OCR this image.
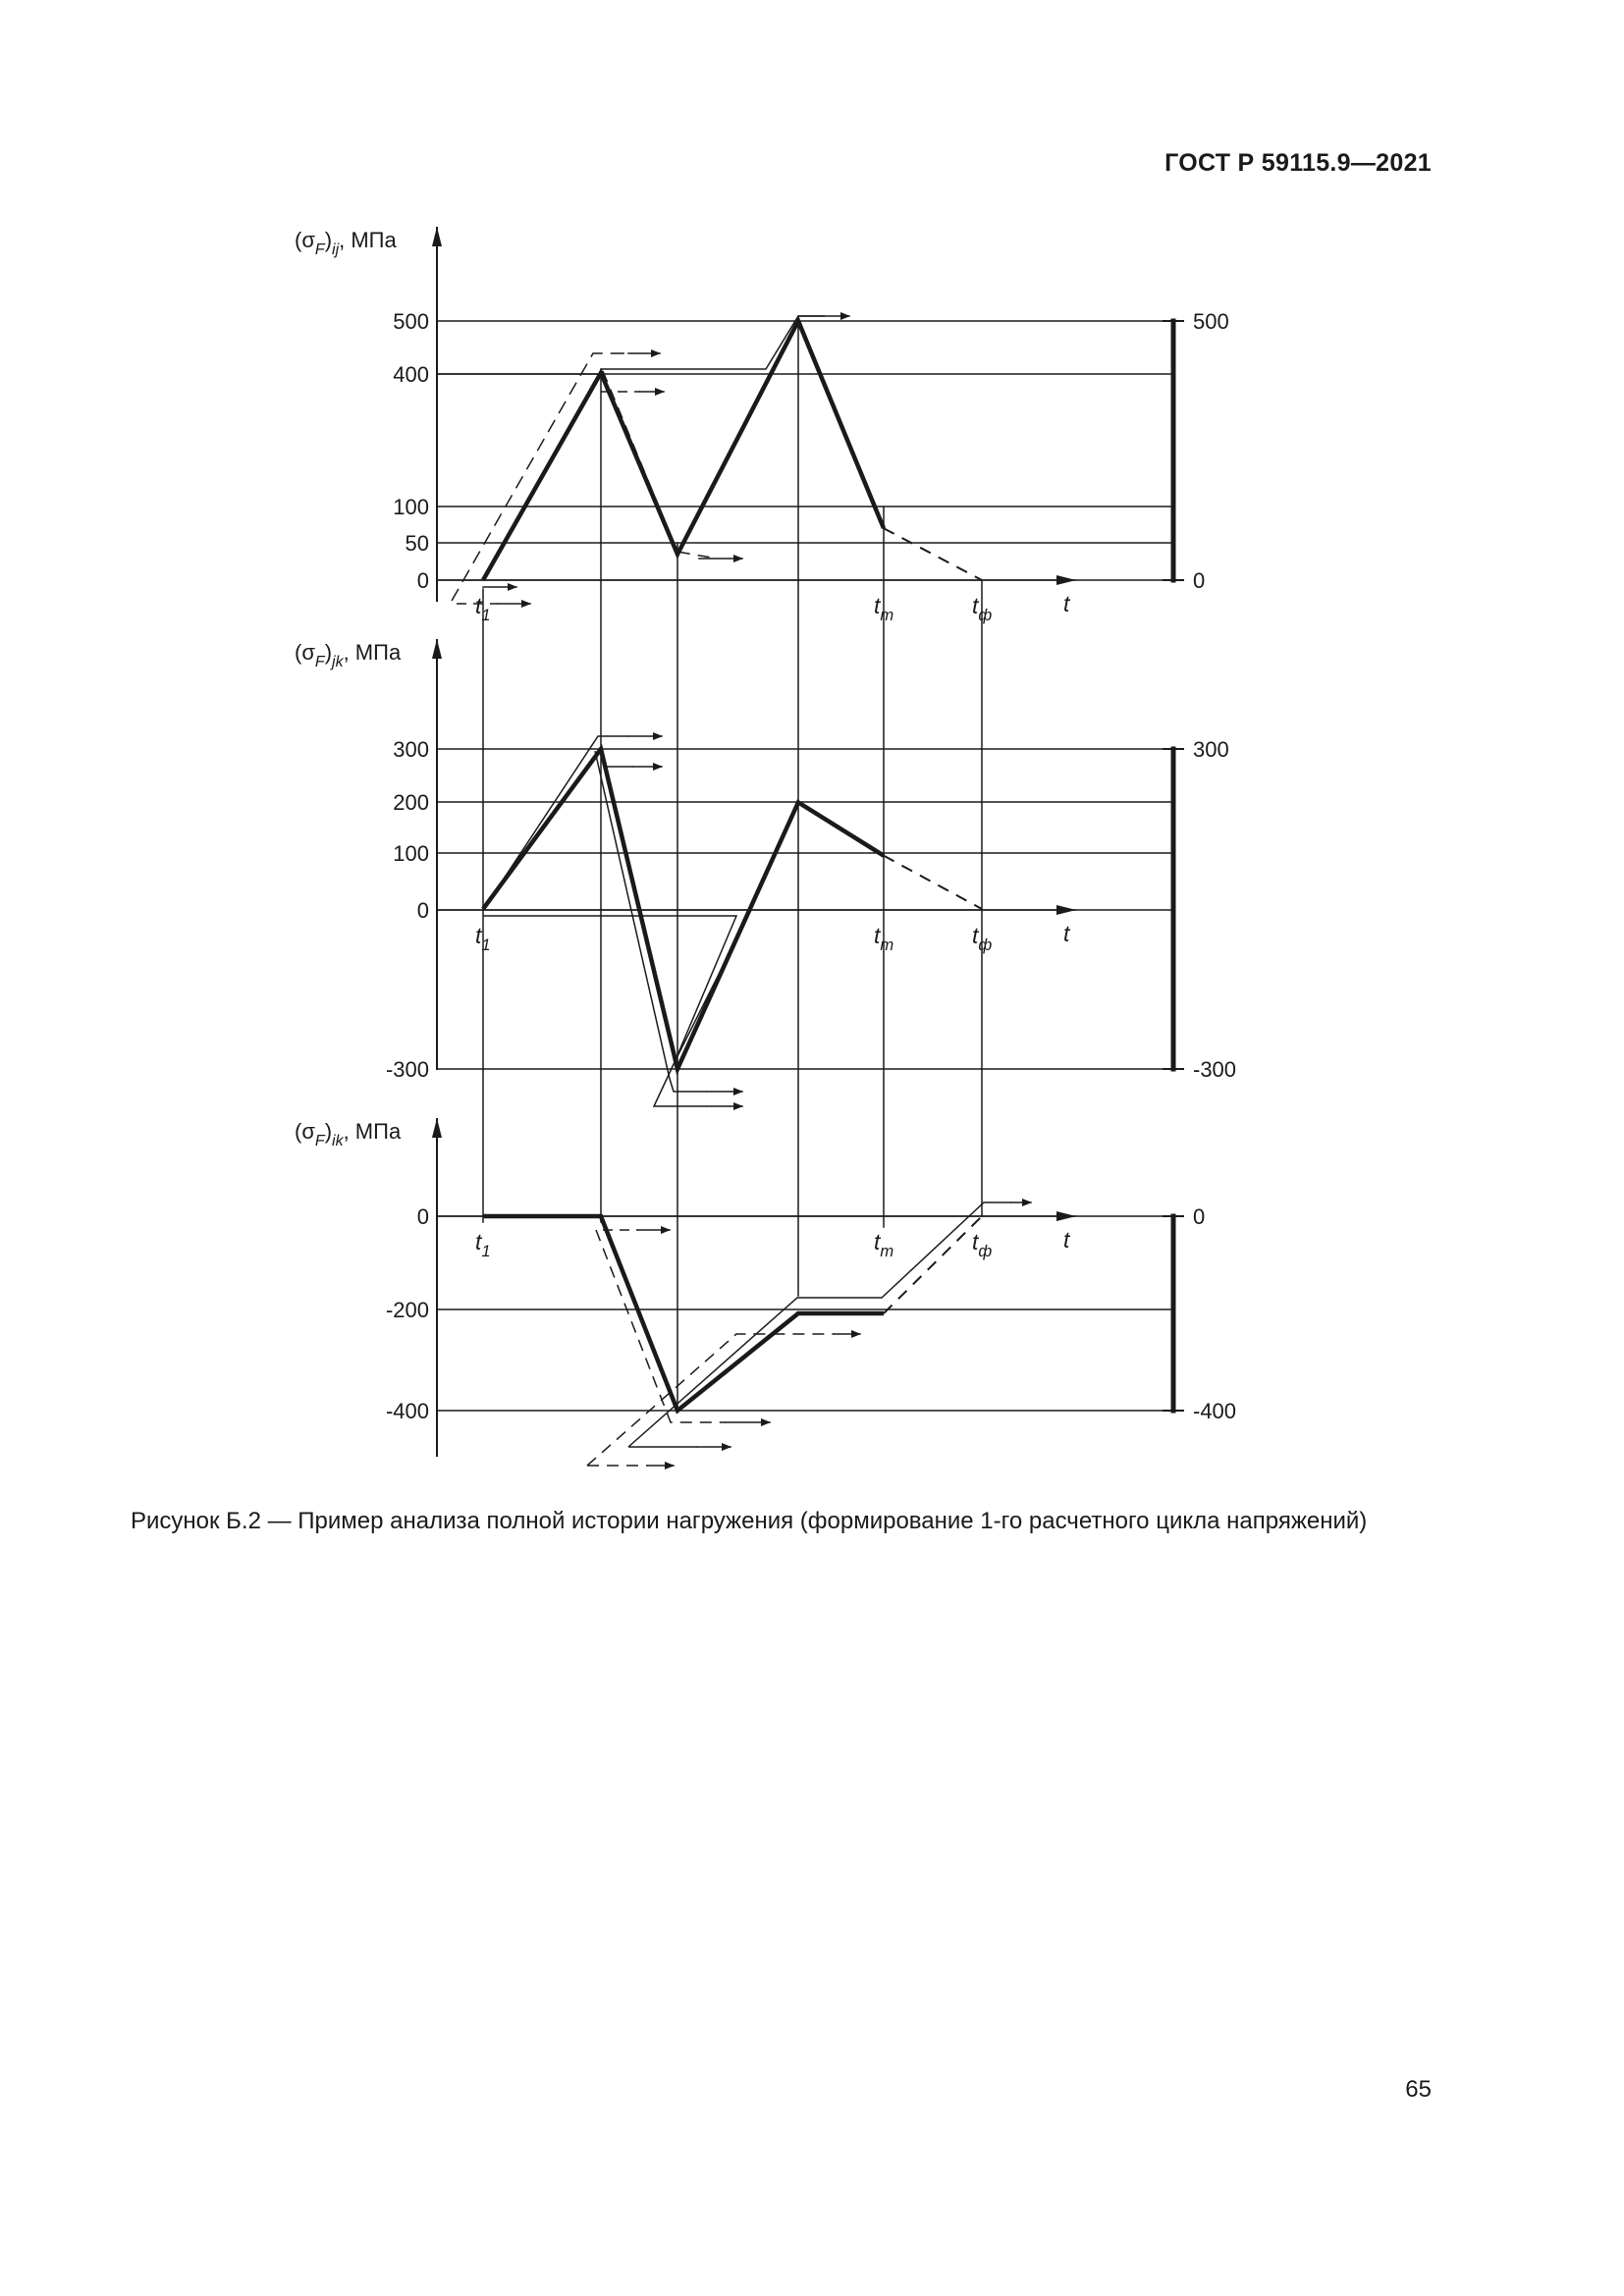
ГОСТ Р 59115.9—2021
$(\sigma_F)_{ij}$, МПа
500
400
100
50
0
500
0
$t_1$	$t_m$	$t_ф$	t
$(\sigma_F)_{jk}$, МПа
300
200
100
0
-300
300
-300
$t_1$	$t_m$	$t_ф$	t
$(\sigma_F)_{ik}$, МПа
0
-200
-400
0
-400
$t_1$	$t_m$	$t_ф$	t
Рисунок Б.2 — Пример анализа полной истории нагружения (формирование 1-го расчетного цикла напряжений)
65
